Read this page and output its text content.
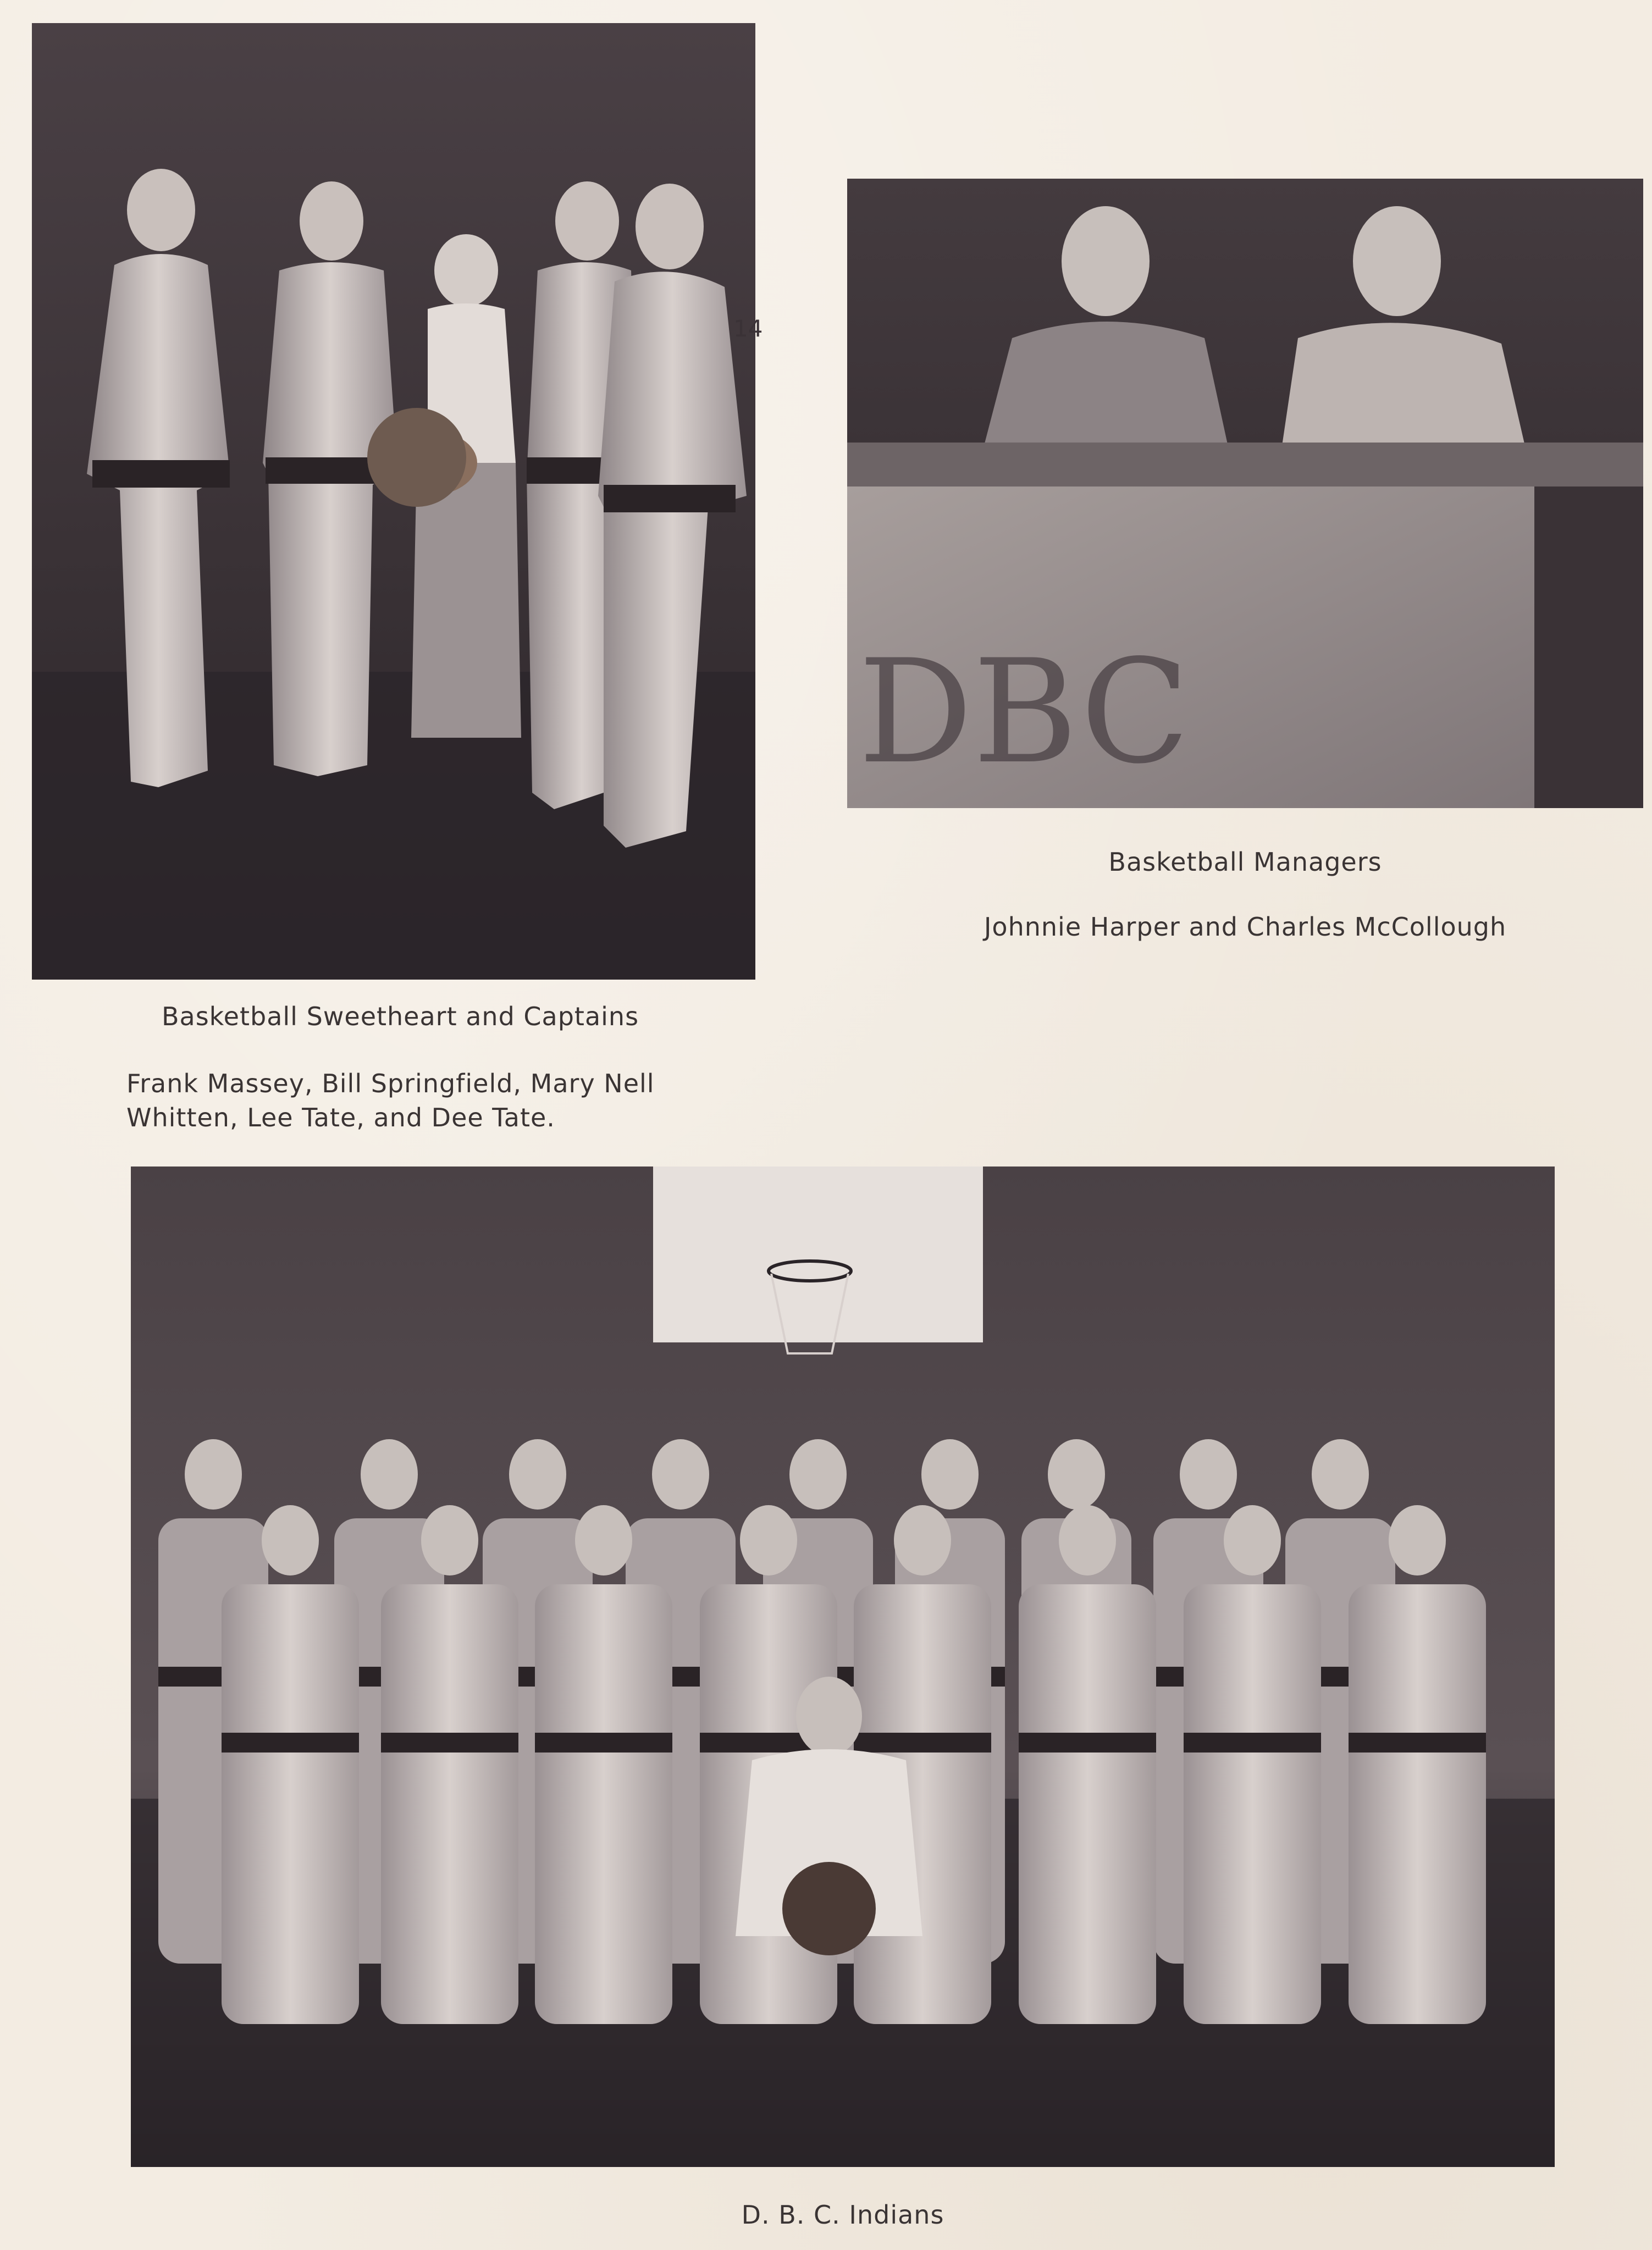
14
DBC
Basketball Managers
Johnnie Harper and Charles McCollough
Basketball Sweetheart and Captains
Frank Massey, Bill Springfield, Mary Nell
Whitten, Lee Tate, and Dee Tate.
D. B. C. Indians
